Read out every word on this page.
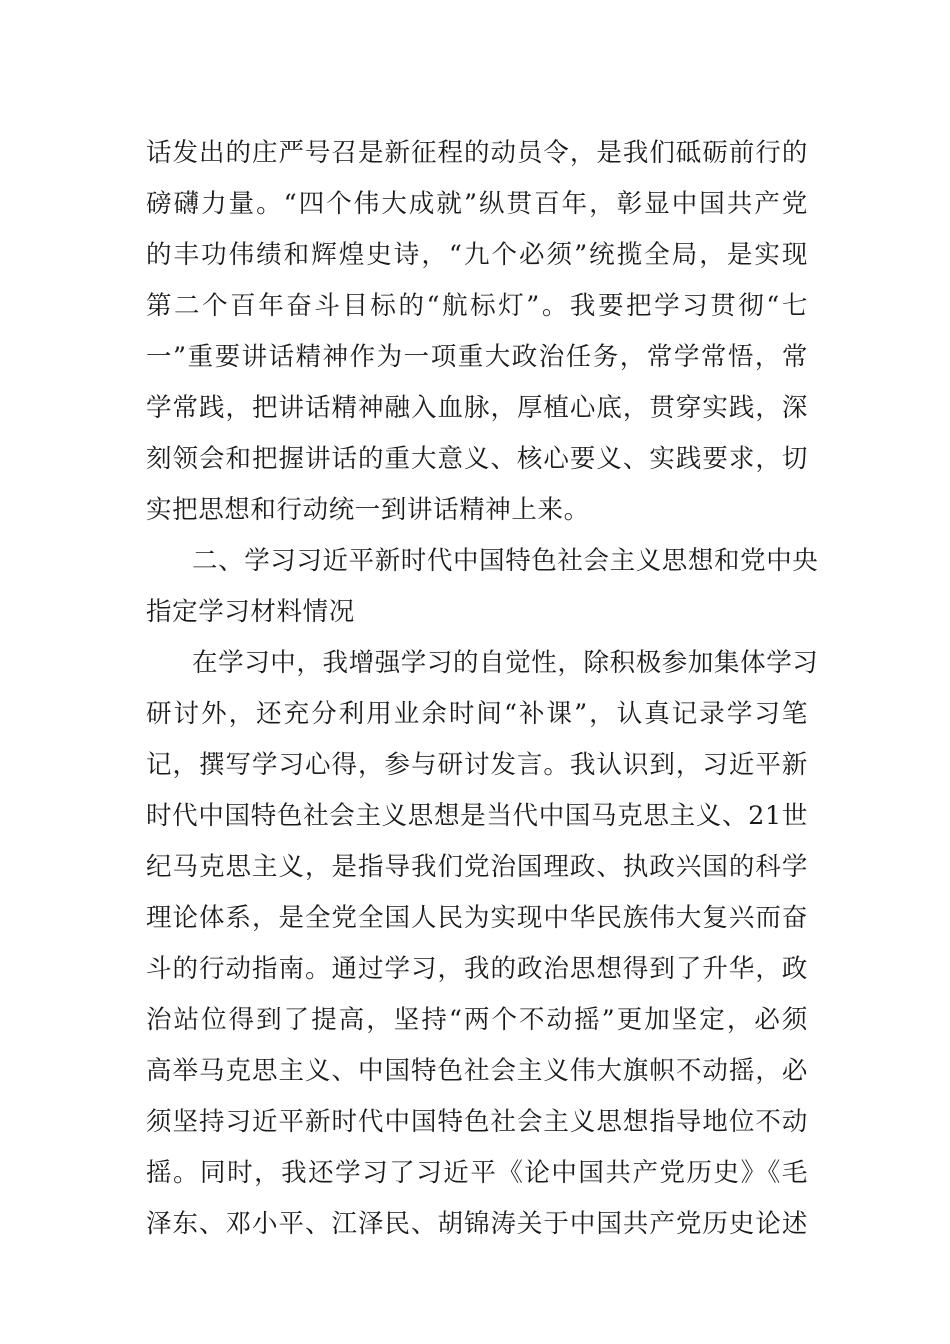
话发出的庄严号召是新征程的动员令，是我们砥砺前行的
磅礴力量。“四个伟大成就”纵贯百年，彰显中国共产党
的丰功伟绩和辉煌史诗，“九个必须”统揽全局，是实现
第二个百年奋斗目标的“航标灯”。我要把学习贯彻“七
一”重要讲话精神作为一项重大政治任务，常学常悟，常
学常践，把讲话精神融入血脉，厚植心底，贯穿实践，深
刻领会和把握讲话的重大意义、核心要义、实践要求，切
实把思想和行动统一到讲话精神上来。
二、学习习近平新时代中国特色社会主义思想和党中央
指定学习材料情况
在学习中，我增强学习的自觉性，除积极参加集体学习
研讨外，还充分利用业余时间“补课”，认真记录学习笔
记，撰写学习心得，参与研讨发言。我认识到，习近平新
时代中国特色社会主义思想是当代中国马克思主义、21世
纪马克思主义，是指导我们党治国理政、执政兴国的科学
理论体系，是全党全国人民为实现中华民族伟大复兴而奋
斗的行动指南。通过学习，我的政治思想得到了升华，政
治站位得到了提高，坚持“两个不动摇”更加坚定，必须
高举马克思主义、中国特色社会主义伟大旗帜不动摇，必
须坚持习近平新时代中国特色社会主义思想指导地位不动
摇。同时，我还学习了习近平《论中国共产党历史》《毛
泽东、邓小平、江泽民、胡锦涛关于中国共产党历史论述
